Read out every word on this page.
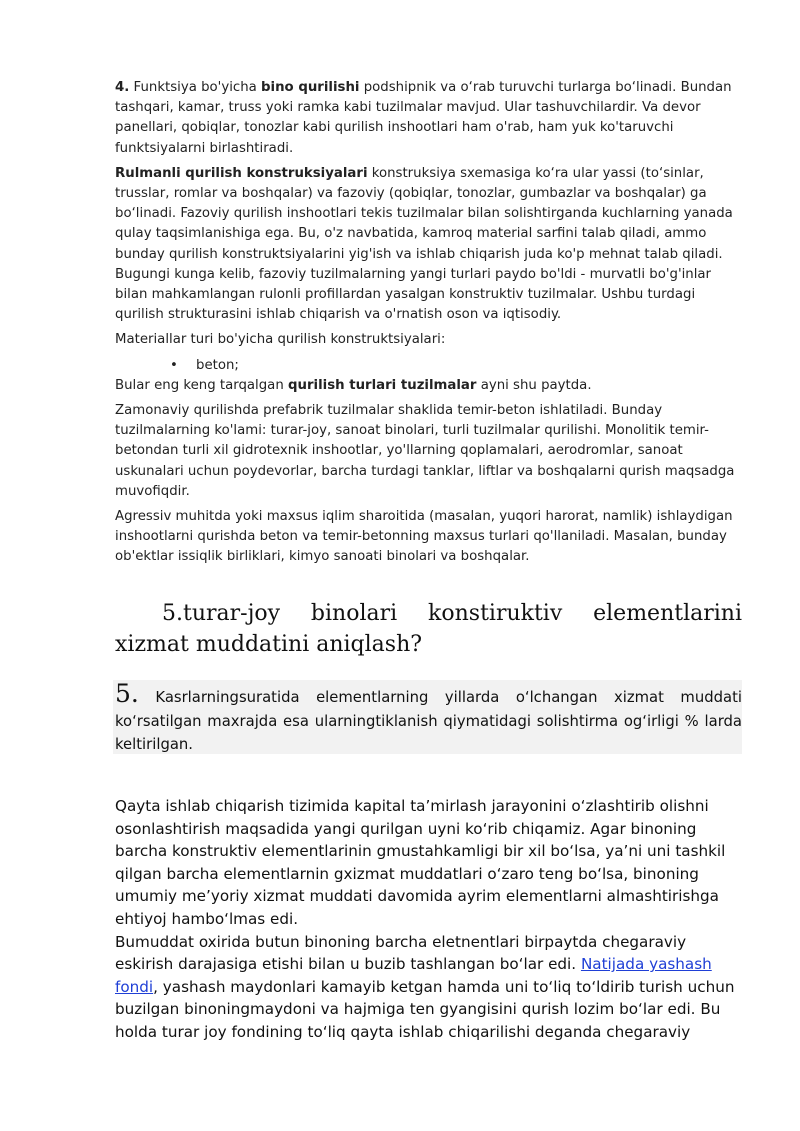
4. Funktsiya bo'yicha bino qurilishi podshipnik va o‘rab turuvchi turlarga bo‘linadi. Bundan tashqari, kamar, truss yoki ramka kabi tuzilmalar mavjud. Ular tashuvchilardir. Va devor panellari, qobiqlar, tonozlar kabi qurilish inshootlari ham o'rab, ham yuk ko'taruvchi funktsiyalarni birlashtiradi.

Rulmanli qurilish konstruksiyalari konstruksiya sxemasiga ko‘ra ular yassi (to‘sinlar, trusslar, romlar va boshqalar) va fazoviy (qobiqlar, tonozlar, gumbazlar va boshqalar) ga bo‘linadi. Fazoviy qurilish inshootlari tekis tuzilmalar bilan solishtirganda kuchlarning yanada qulay taqsimlanishiga ega. Bu, o'z navbatida, kamroq material sarfini talab qiladi, ammo bunday qurilish konstruktsiyalarini yig'ish va ishlab chiqarish juda ko'p mehnat talab qiladi. Bugungi kunga kelib, fazoviy tuzilmalarning yangi turlari paydo bo'ldi - murvatli bo'g'inlar bilan mahkamlangan rulonli profillardan yasalgan konstruktiv tuzilmalar. Ushbu turdagi qurilish strukturasini ishlab chiqarish va o'rnatish oson va iqtisodiy.

Materiallar turi bo'yicha qurilish konstruktsiyalari:

• beton;

Bular eng keng tarqalgan qurilish turlari tuzilmalar ayni shu paytda.

Zamonaviy qurilishda prefabrik tuzilmalar shaklida temir-beton ishlatiladi. Bunday tuzilmalarning ko'lami: turar-joy, sanoat binolari, turli tuzilmalar qurilishi. Monolitik temir-betondan turli xil gidrotexnik inshootlar, yo'llarning qoplamalari, aerodromlar, sanoat uskunalari uchun poydevorlar, barcha turdagi tanklar, liftlar va boshqalarni qurish maqsadga muvofiqdir.

Agressiv muhitda yoki maxsus iqlim sharoitida (masalan, yuqori harorat, namlik) ishlaydigan inshootlarni qurishda beton va temir-betonning maxsus turlari qo'llaniladi. Masalan, bunday ob'ektlar issiqlik birliklari, kimyo sanoati binolari va boshqalar.

5.turar-joy binolari konstiruktiv elementlarini xizmat muddatini aniqlash?
5. Kasrlarningsuratida elementlarning yillarda o‘lchangan xizmat muddati ko‘rsatilgan maxrajda esa ularningtiklanish qiymatidagi solishtirma og‘irligi % larda keltirilgan.

Qayta ishlab chiqarish tizimida kapital ta’mirlash jarayonini o‘zlashtirib olishni osonlashtirish maqsadida yangi qurilgan uyni ko‘rib chiqamiz. Agar binoning barcha konstruktiv elementlarinin gmustahkamligi bir xil bo‘lsa, ya’ni uni tashkil qilgan barcha elementlarnin gxizmat muddatlari o‘zaro teng bo‘lsa, binoning umumiy me’yoriy xizmat muddati davomida ayrim elementlarni almashtirishga ehtiyoj hambo‘lmas edi.

Bumuddat oxirida butun binoning barcha eletnentlari birpaytda chegaraviy eskirish darajasiga etishi bilan u buzib tashlangan bo‘lar edi. Natijada yashash fondi, yashash maydonlari kamayib ketgan hamda uni to‘liq to‘ldirib turish uchun buzilgan binoningmaydoni va hajmiga ten gyangisini qurish lozim bo‘lar edi. Bu holda turar joy fondining to‘liq qayta ishlab chiqarilishi deganda chegaraviy
